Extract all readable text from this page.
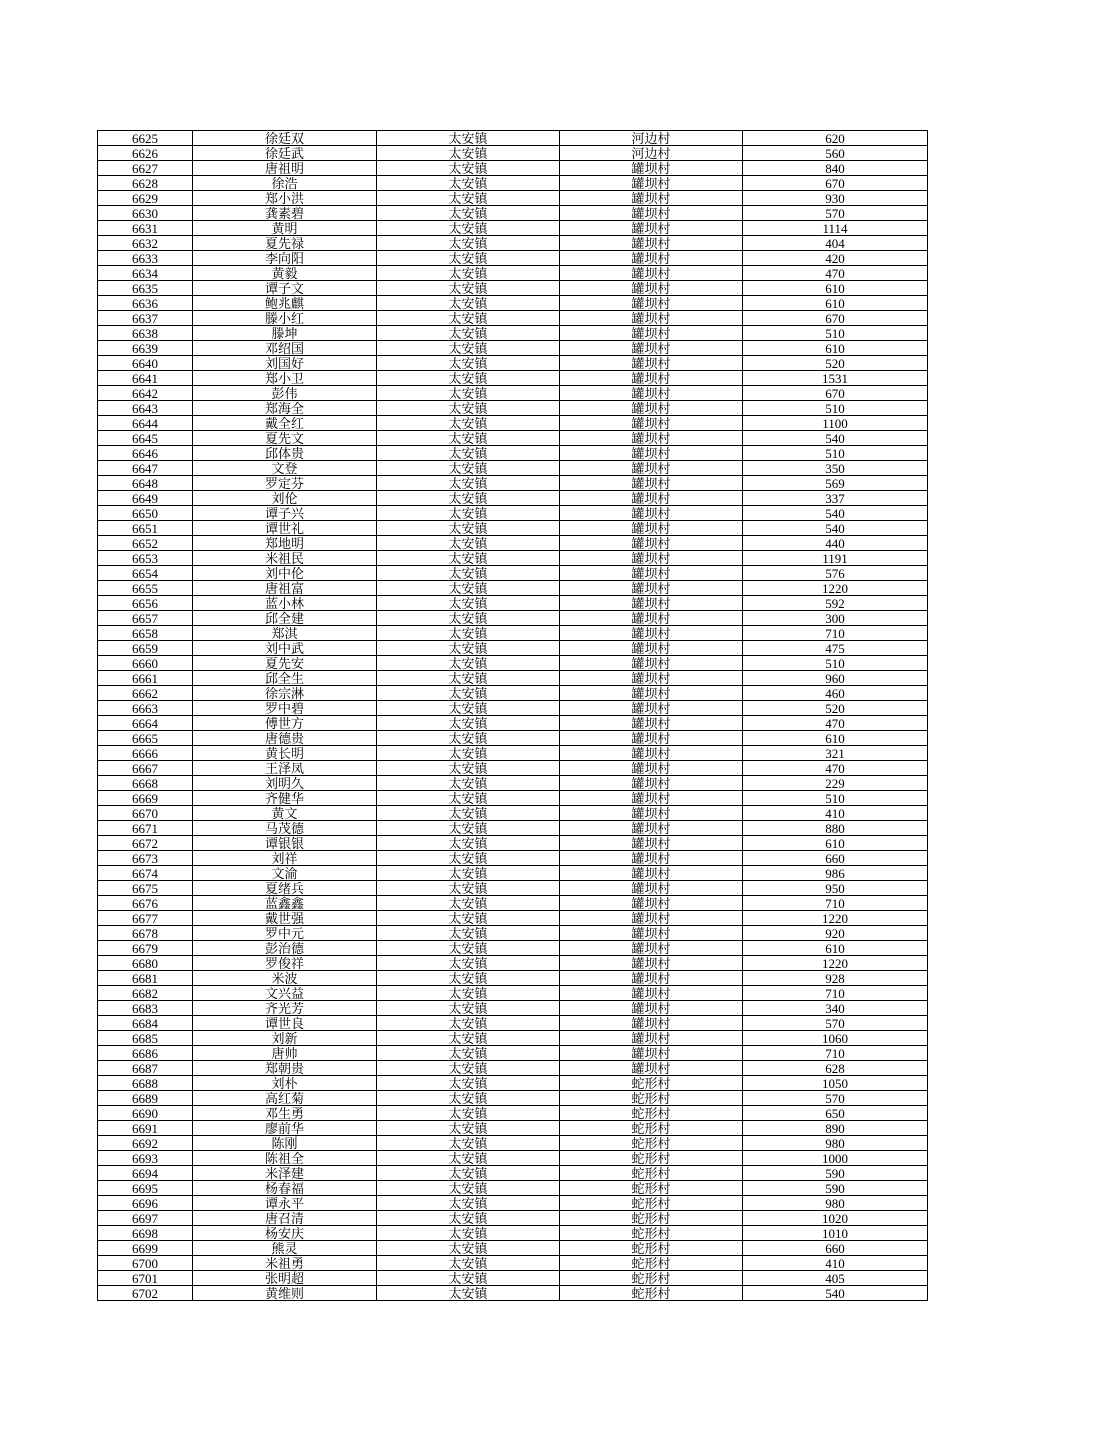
6625	徐廷双	太安镇	河边村	620
6626	徐廷武	太安镇	河边村	560
6627	唐祖明	太安镇	罐坝村	840
6628	徐浩	太安镇	罐坝村	670
6629	郑小洪	太安镇	罐坝村	930
6630	龚素碧	太安镇	罐坝村	570
6631	黄明	太安镇	罐坝村	1114
6632	夏先禄	太安镇	罐坝村	404
6633	李向阳	太安镇	罐坝村	420
6634	黄毅	太安镇	罐坝村	470
6635	谭子文	太安镇	罐坝村	610
6636	鲍兆麒	太安镇	罐坝村	610
6637	滕小红	太安镇	罐坝村	670
6638	滕坤	太安镇	罐坝村	510
6639	邓绍国	太安镇	罐坝村	610
6640	刘国好	太安镇	罐坝村	520
6641	郑小卫	太安镇	罐坝村	1531
6642	彭伟	太安镇	罐坝村	670
6643	郑海全	太安镇	罐坝村	510
6644	戴全红	太安镇	罐坝村	1100
6645	夏先文	太安镇	罐坝村	540
6646	邱体贵	太安镇	罐坝村	510
6647	文登	太安镇	罐坝村	350
6648	罗定芬	太安镇	罐坝村	569
6649	刘伦	太安镇	罐坝村	337
6650	谭子兴	太安镇	罐坝村	540
6651	谭世礼	太安镇	罐坝村	540
6652	郑地明	太安镇	罐坝村	440
6653	米祖民	太安镇	罐坝村	1191
6654	刘中伦	太安镇	罐坝村	576
6655	唐祖富	太安镇	罐坝村	1220
6656	蓝小林	太安镇	罐坝村	592
6657	邱全建	太安镇	罐坝村	300
6658	郑淇	太安镇	罐坝村	710
6659	刘中武	太安镇	罐坝村	475
6660	夏先安	太安镇	罐坝村	510
6661	邱全生	太安镇	罐坝村	960
6662	徐宗淋	太安镇	罐坝村	460
6663	罗中碧	太安镇	罐坝村	520
6664	傅世方	太安镇	罐坝村	470
6665	唐德贵	太安镇	罐坝村	610
6666	黄长明	太安镇	罐坝村	321
6667	王泽凤	太安镇	罐坝村	470
6668	刘明久	太安镇	罐坝村	229
6669	齐健华	太安镇	罐坝村	510
6670	黄文	太安镇	罐坝村	410
6671	马茂德	太安镇	罐坝村	880
6672	谭银银	太安镇	罐坝村	610
6673	刘祥	太安镇	罐坝村	660
6674	文渝	太安镇	罐坝村	986
6675	夏绪兵	太安镇	罐坝村	950
6676	蓝鑫鑫	太安镇	罐坝村	710
6677	戴世强	太安镇	罐坝村	1220
6678	罗中元	太安镇	罐坝村	920
6679	彭治德	太安镇	罐坝村	610
6680	罗俊祥	太安镇	罐坝村	1220
6681	米波	太安镇	罐坝村	928
6682	文兴益	太安镇	罐坝村	710
6683	齐光芳	太安镇	罐坝村	340
6684	谭世良	太安镇	罐坝村	570
6685	刘新	太安镇	罐坝村	1060
6686	唐帅	太安镇	罐坝村	710
6687	郑朝贵	太安镇	罐坝村	628
6688	刘朴	太安镇	蛇形村	1050
6689	高红菊	太安镇	蛇形村	570
6690	邓生勇	太安镇	蛇形村	650
6691	廖前华	太安镇	蛇形村	890
6692	陈刚	太安镇	蛇形村	980
6693	陈祖全	太安镇	蛇形村	1000
6694	米泽建	太安镇	蛇形村	590
6695	杨春福	太安镇	蛇形村	590
6696	谭永平	太安镇	蛇形村	980
6697	唐召清	太安镇	蛇形村	1020
6698	杨安庆	太安镇	蛇形村	1010
6699	熊灵	太安镇	蛇形村	660
6700	米祖勇	太安镇	蛇形村	410
6701	张明超	太安镇	蛇形村	405
6702	黄维则	太安镇	蛇形村	540
